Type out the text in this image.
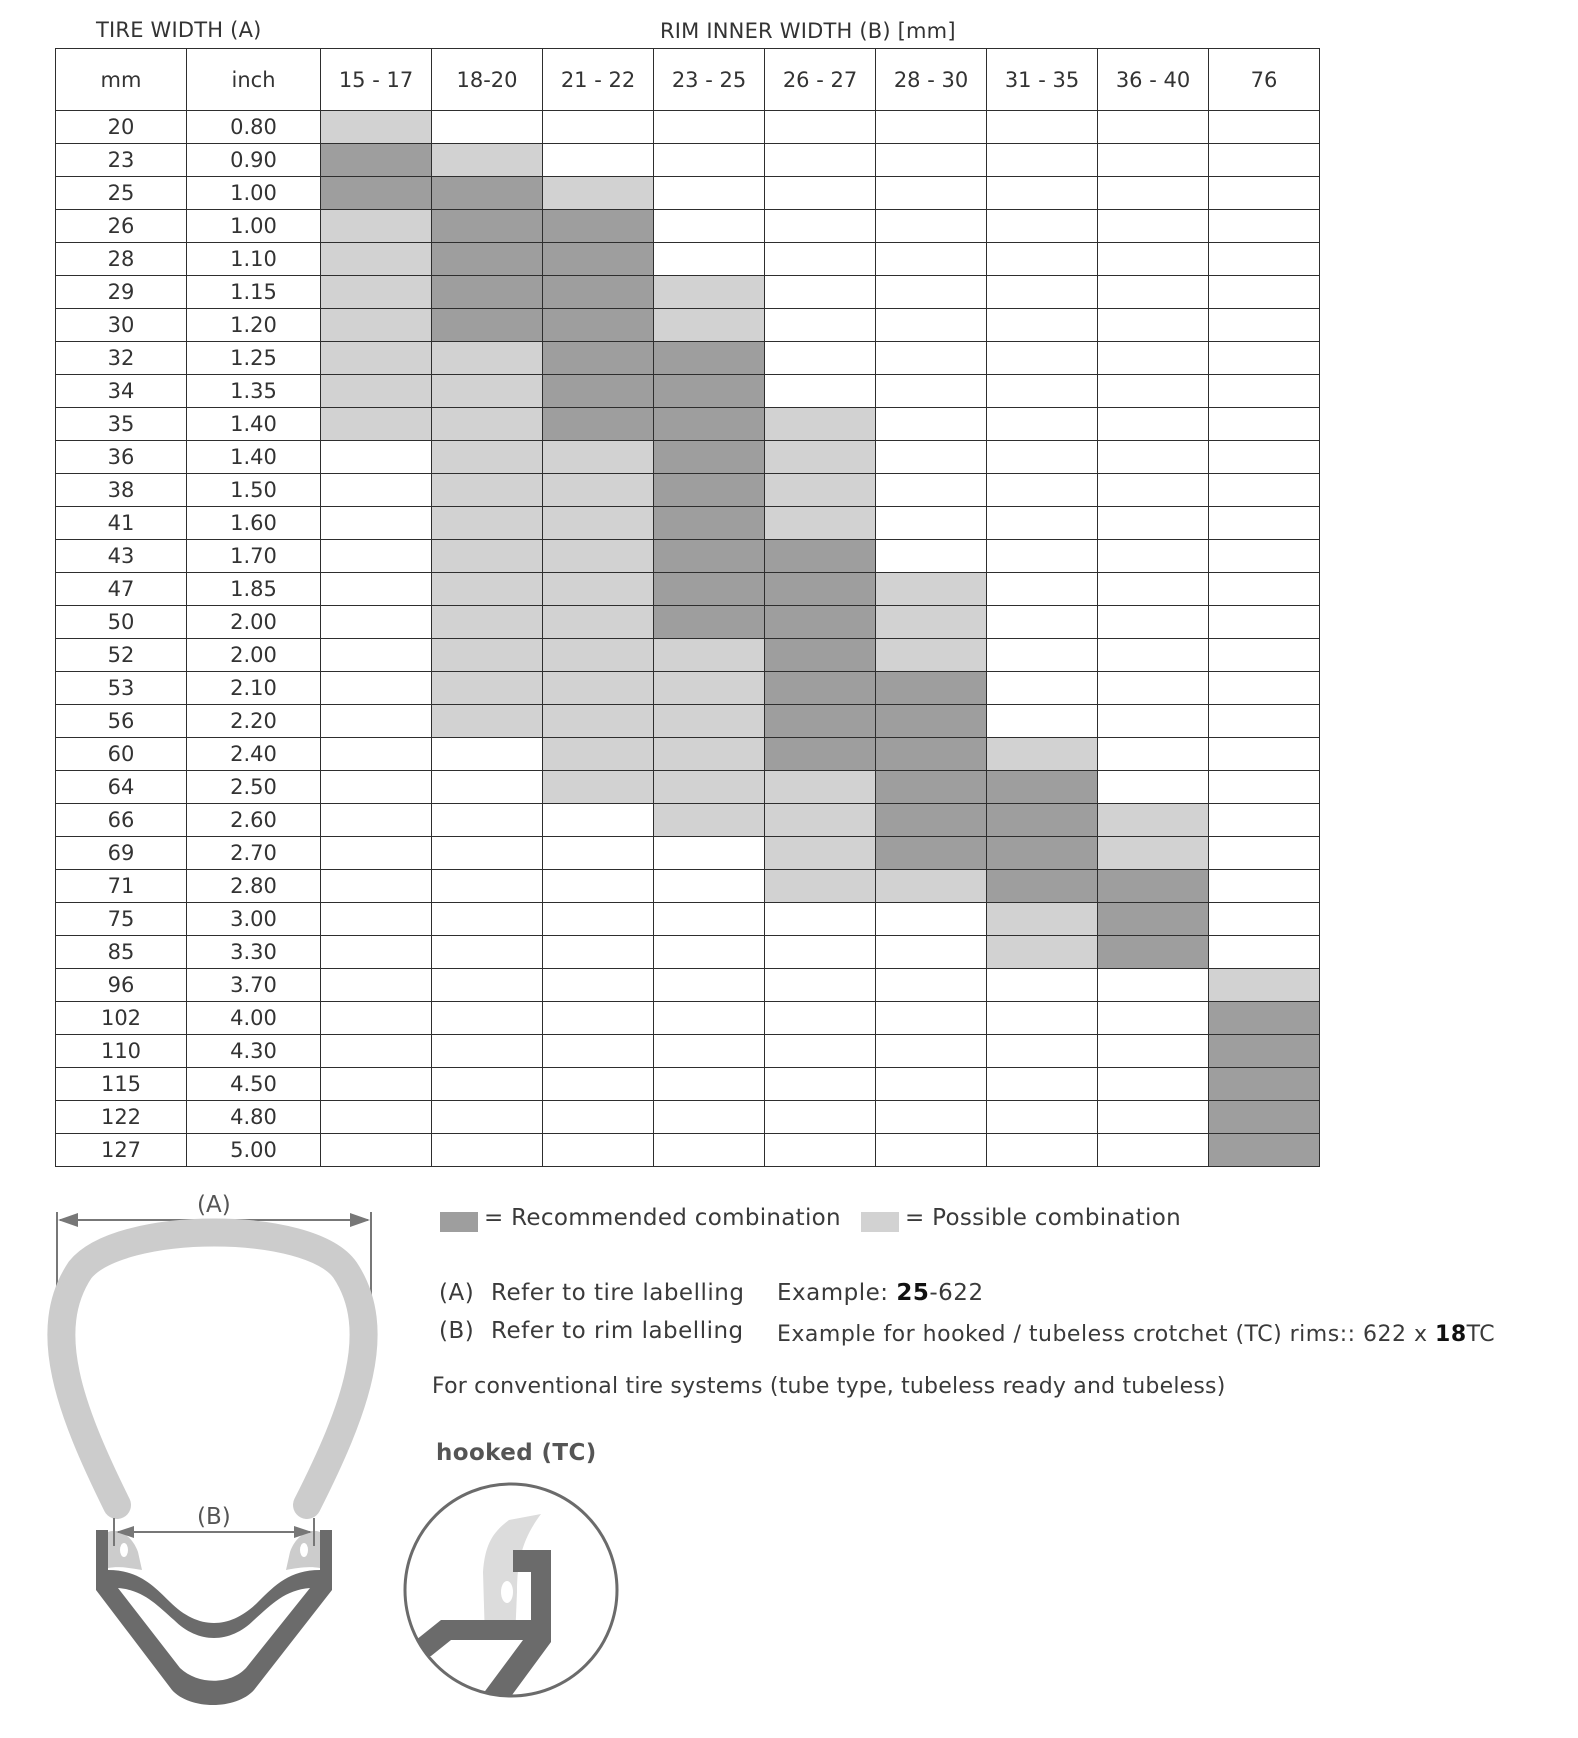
TIRE WIDTH (A)	RIM INNER WIDTH (B) [mm]
mm	inch	15 - 17	18-20	21 - 22	23 - 25	26 - 27	28 - 30	31 - 35	36 - 40	76
20	0.80									
23	0.90									
25	1.00									
26	1.00									
28	1.10									
29	1.15									
30	1.20									
32	1.25									
34	1.35									
35	1.40									
36	1.40									
38	1.50									
41	1.60									
43	1.70									
47	1.85									
50	2.00									
52	2.00									
53	2.10									
56	2.20									
60	2.40									
64	2.50									
66	2.60									
69	2.70									
71	2.80									
75	3.00									
85	3.30									
96	3.70									
102	4.00									
110	4.30									
115	4.50									
122	4.80									
127	5.00									
= Recommended combination	= Possible combination
(A) Refer to tire labelling Example: 25-622
(B) Refer to rim labelling Example for hooked / tubeless crotchet (TC) rims:: 622 x 18TC
For conventional tire systems (tube type, tubeless ready and tubeless)
hooked (TC)
(A)
(B)
